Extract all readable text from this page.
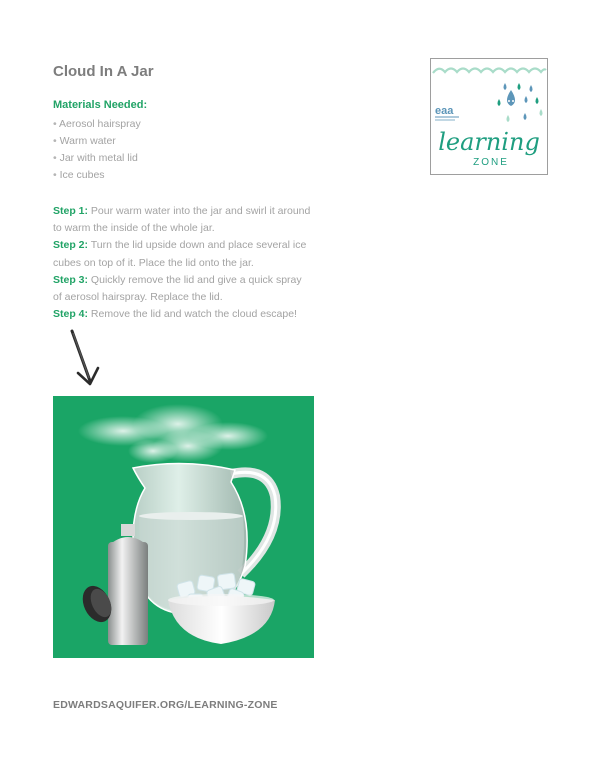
Cloud In A Jar
Materials Needed:
• Aerosol hairspray
• Warm water
• Jar with metal lid
• Ice cubes

Step 1: Pour warm water into the jar and swirl it around to warm the inside of the whole jar.

Step 2: Turn the lid upside down and place several ice cubes on top of it. Place the lid onto the jar.

Step 3: Quickly remove the lid and give a quick spray of aerosol hairspray. Replace the lid.

Step 4: Remove the lid and watch the cloud escape!

eaa
learning
ZONE

EDWARDSAQUIFER.ORG/LEARNING-ZONE
